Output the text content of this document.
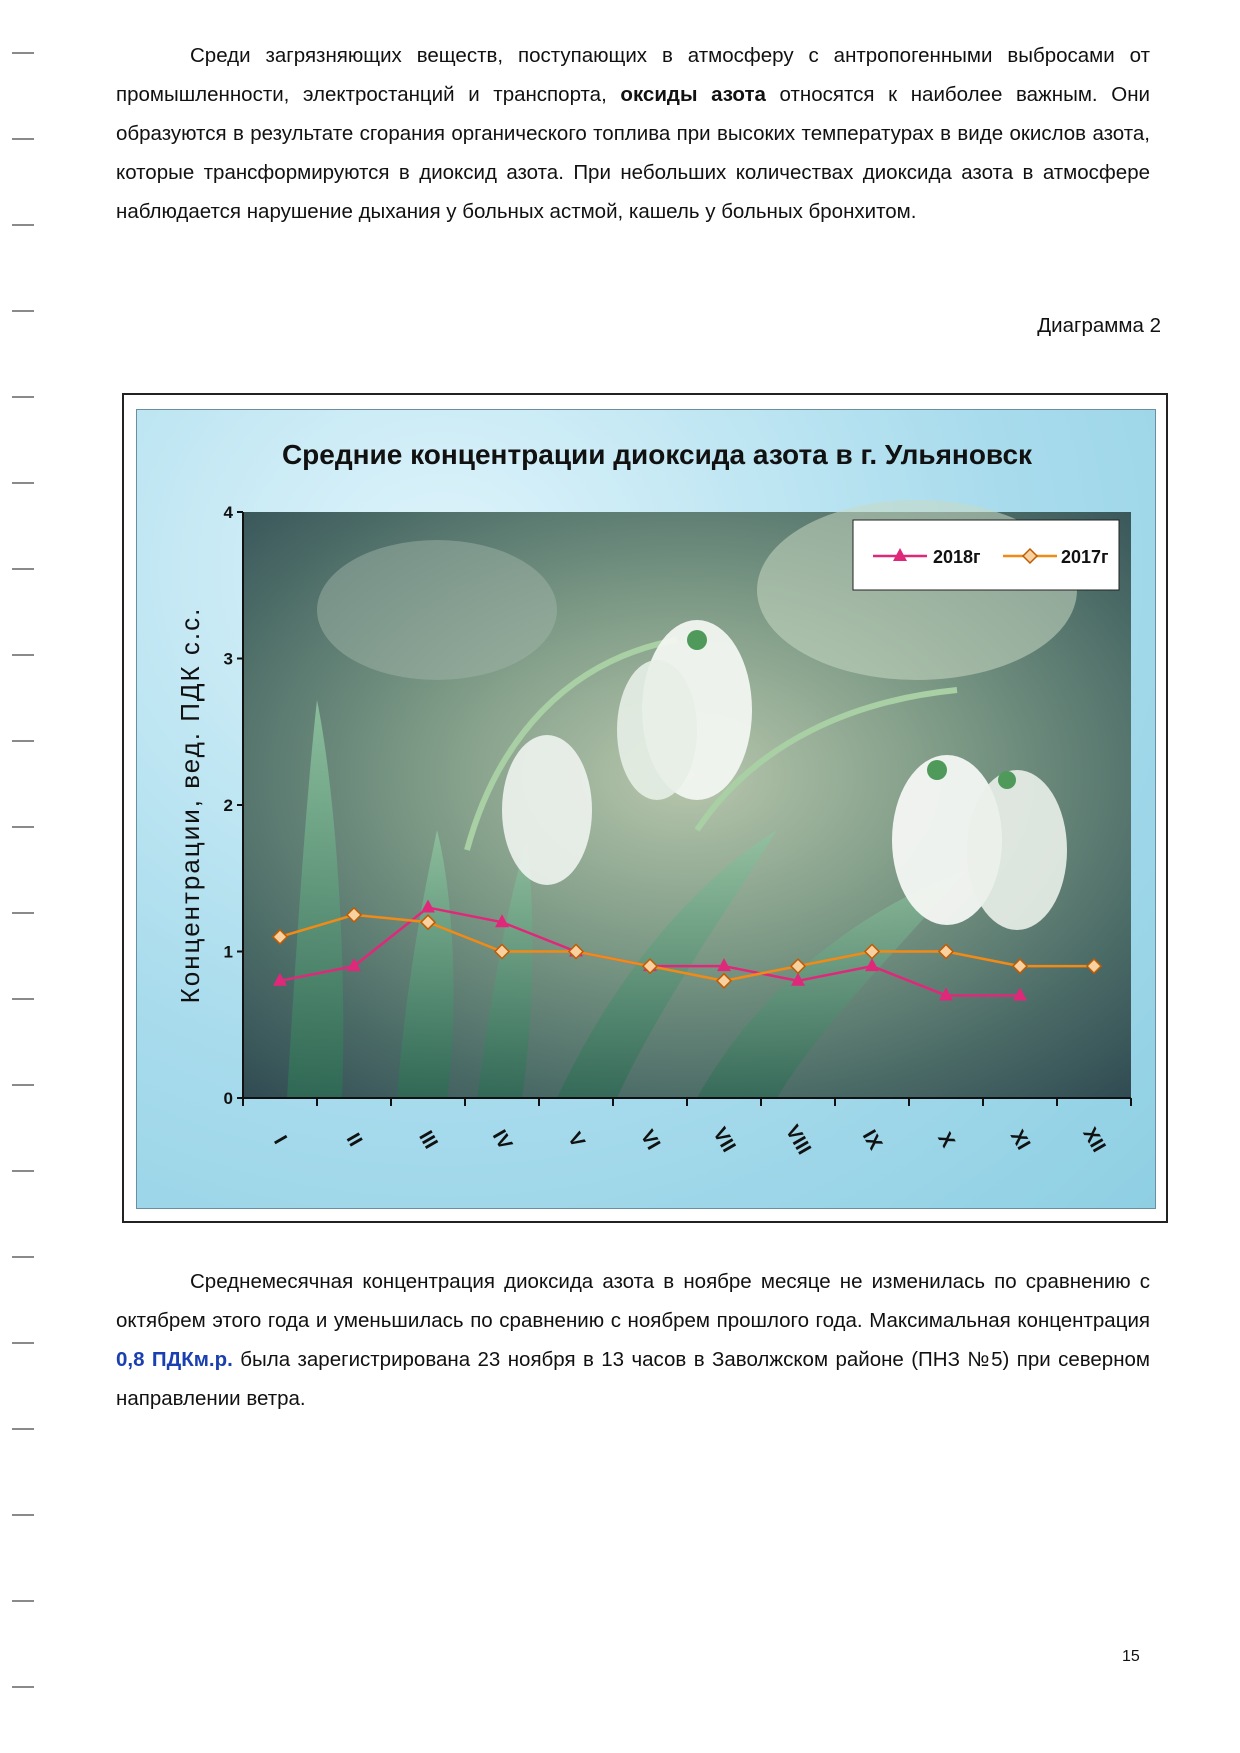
Среди загрязняющих веществ, поступающих в атмосферу с антропогенными выбросами от промышленности, электростанций и транспорта, оксиды азота относятся к наиболее важным. Они образуются в результате сгорания органического топлива при высоких температурах в виде окислов азота, которые трансформируются в диоксид азота. При небольших количествах диоксида азота в атмосфере наблюдается нарушение дыхания у больных астмой, кашель у больных бронхитом.

Диаграмма 2
Средние концентрации диоксида азота в г. Ульяновск
2018г	2017г
Концентрации, вед. ПДК с.с.
0
1
2
3
4
I	II III IV V VI VII VIII IX X XI XII

Среднемесячная концентрация диоксида азота в ноябре месяце не изменилась по сравнению с октябрем этого года и уменьшилась по сравнению с ноябрем прошлого года. Максимальная концентрация 0,8 ПДКм.р. была зарегистрирована 23 ноября в 13 часов в Заволжском районе (ПНЗ №5) при северном направлении ветра.

15
